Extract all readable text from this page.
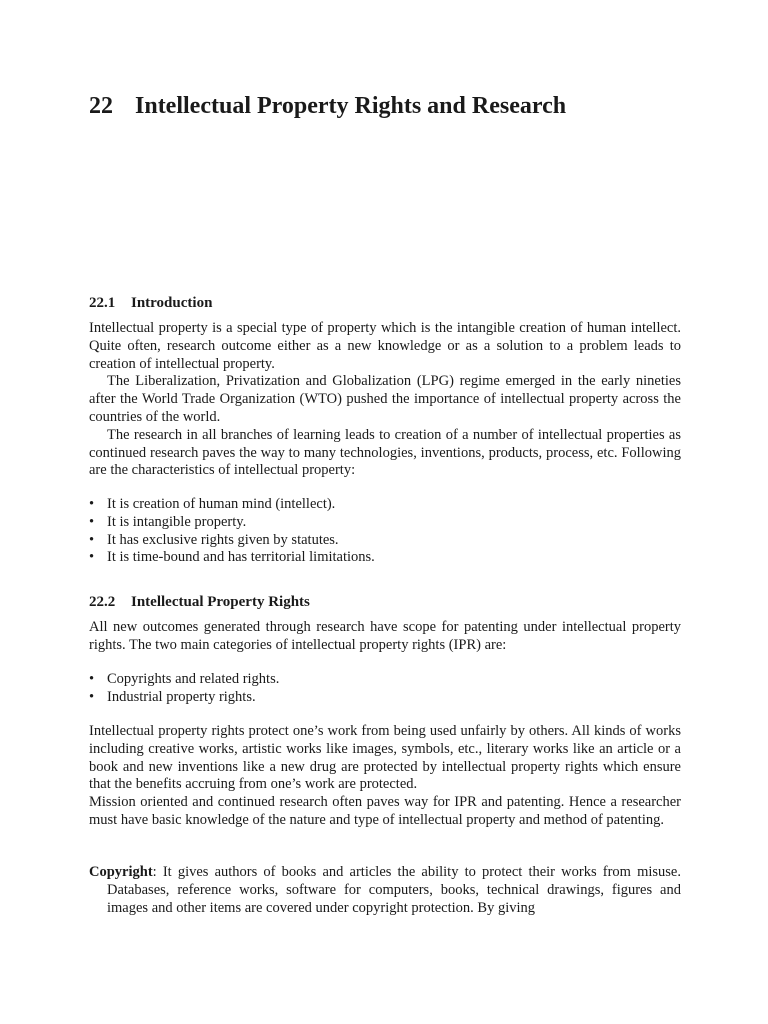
22 Intellectual Property Rights and Research
22.1 Introduction

Intellectual property is a special type of property which is the intangible creation of human intellect. Quite often, research outcome either as a new knowledge or as a solution to a problem leads to creation of intellectual property.

The Liberalization, Privatization and Globalization (LPG) regime emerged in the early nineties after the World Trade Organization (WTO) pushed the importance of intellectual property across the countries of the world.

The research in all branches of learning leads to creation of a number of intellectual properties as continued research paves the way to many technologies, inventions, products, process, etc. Following are the characteristics of intellectual property:

• It is creation of human mind (intellect).
• It is intangible property.
• It has exclusive rights given by statutes.
• It is time-bound and has territorial limitations.
22.2 Intellectual Property Rights
All new outcomes generated through research have scope for patenting under intellectual property rights. The two main categories of intellectual property rights (IPR) are:
• Copyrights and related rights.
• Industrial property rights.

Intellectual property rights protect one’s work from being used unfairly by others. All kinds of works including creative works, artistic works like images, symbols, etc., literary works like an article or a book and new inventions like a new drug are protected by intellectual property rights which ensure that the benefits accruing from one’s work are protected.

Mission oriented and continued research often paves way for IPR and patenting. Hence a researcher must have basic knowledge of the nature and type of intellectual property and method of patenting.

Copyright: It gives authors of books and articles the ability to protect their works from misuse. Databases, reference works, software for computers, books, technical drawings, figures and images and other items are covered under copyright protection. By giving
